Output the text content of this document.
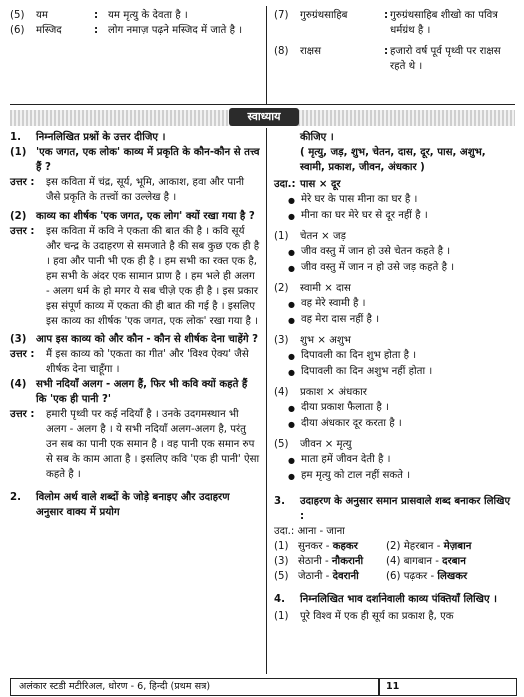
(5)	यम	: यम मृत्यु के देवता है ।
(6)	मस्जिद	: लोग नमाज़ पढ़ने मस्जिद में जाते है ।
(7)	गुरुग्रंथसाहिब	: गुरुग्रंथसाहिब शीखो का पवित्र धर्मग्रंथ है ।
(8)	राक्षस	: हजारो वर्ष पूर्व पृथ्वी पर राक्षस रहते थे ।
स्वाध्याय
1.	निम्नलिखित प्रश्नों के उत्तर दीजिए ।
(1) 'एक जगत, एक लोक' काव्य में प्रकृति के कौन-कौन से तत्त्व हैं ?
उत्तर :	इस कविता में चंद्र, सूर्य, भूमि, आकाश, हवा और पानी जैसे प्रकृति के तत्त्वों का उल्लेख है ।
(2) काव्य का शीर्षक 'एक जगत, एक लोग' क्यों रखा गया है ?
उत्तर :	इस कविता में कवि ने एकता की बात की है । कवि सूर्य और चन्द्र के उदाहरण से समजाते है की सब कुछ एक ही है । हवा और पानी भी एक ही है । हम सभी का रक्त एक है, हम सभी के अंदर एक सामान प्राण है । हम भले ही अलग - अलग धर्म के हो मगर ये सब चीज़े एक ही है । इस प्रकार इस संपूर्ण काव्य में एकता की ही बात की गई है । इसलिए इस काव्य का शीर्षक 'एक जगत, एक लोक' रखा गया है ।
(3) आप इस काव्य को और कौन - कौन से शीर्षक देना चाहेंगे ?
उत्तर :	मैं इस काव्य को 'एकता का गीत' और 'विश्व ऐक्य' जैसे शीर्षक देना चाहूँगा ।
(4) सभी नदियाँ अलग - अलग हैं, फिर भी कवि क्यों कहते हैं कि 'एक ही पानी ?'
उत्तर :	हमारी पृथ्वी पर कई नदियाँ है । उनके उदगमस्थान भी अलग - अलग है । ये सभी नदियाँ अलग-अलग है, परंतु उन सब का पानी एक समान है । वह पानी एक समान रुप से सब के काम आता है । इसलिए कवि 'एक ही पानी' ऐसा कहते है ।
2.	विलोम अर्थ वाले शब्दों के जोड़े बनाइए और उदाहरण अनुसार वाक्य में प्रयोग
कीजिए ।
( मृत्यु, जड़, शुभ, चेतन, दास, दूर, पास, अशुभ, स्वामी, प्रकाश, जीवन, अंधकार )
उदा.: पास × दूर
● मेरे घर के पास मीना का घर है ।
● मीना का घर मेरे घर से दूर नहीं है ।
(1)	चेतन × जड़
● जीव वस्तु में जान हो उसे चेतन कहते है ।
● जीव वस्तु में जान न हो उसे जड़ कहते है ।
(2)	स्वामी × दास
● वह मेरे स्वामी है ।
● वह मेरा दास नहीं है ।
(3)	शुभ × अशुभ
● दिपावली का दिन शुभ होता है ।
● दिपावली का दिन अशुभ नहीं होता ।
(4)	प्रकाश × अंधकार
● दीया प्रकाश फैलाता है ।
● दीया अंधकार दूर करता है ।
(5)	जीवन × मृत्यु
● माता हमें जीवन देती है ।
● हम मृत्यु को टाल नहीं सकते ।
3.	उदाहरण के अनुसार समान प्रासवाले शब्द बनाकर लिखिए :
उदा.: आना - जाना
(1) सुनकर - कहकर	(2) मेहरबान - मेज़बान
(3) सेठानी - नौकरानी	(4) बागबान - दरबान
(5) जेठानी - देवरानी	(6) पढ़कर - लिखकर
4.	निम्नलिखित भाव दर्शानेवाली काव्य पंक्तियाँ लिखिए ।
(1)	पूरे विश्व में एक ही सूर्य का प्रकाश है, एक
अलंकार स्टडी मटीरिअल, धोरण - 6, हिन्दी (प्रथम सत्र)	11
